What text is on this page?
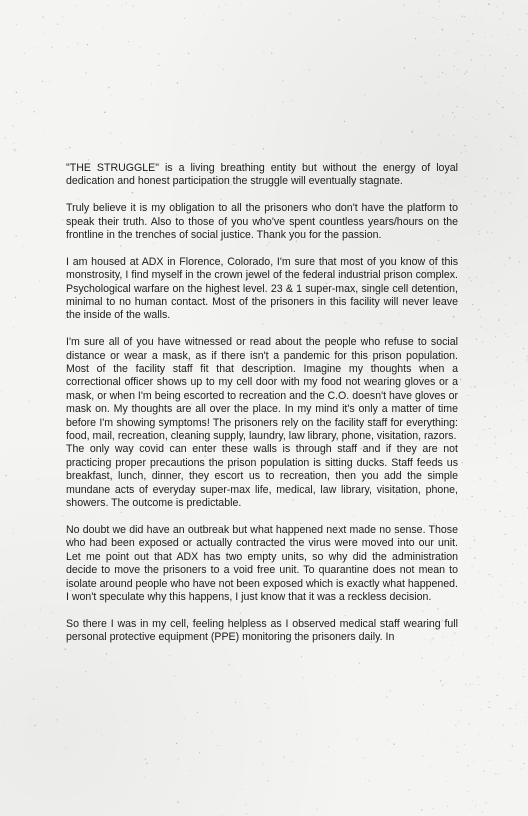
"THE STRUGGLE" is a living breathing entity but without the energy of loyal dedication and honest participation the struggle will eventually stagnate.

Truly believe it is my obligation to all the prisoners who don't have the platform to speak their truth. Also to those of you who've spent countless years/hours on the frontline in the trenches of social justice. Thank you for the passion.

I am housed at ADX in Florence, Colorado, I'm sure that most of you know of this monstrosity, I find myself in the crown jewel of the federal industrial prison complex. Psychological warfare on the highest level. 23 & 1 super-max, single cell detention, minimal to no human contact. Most of the prisoners in this facility will never leave the inside of the walls.

I'm sure all of you have witnessed or read about the people who refuse to social distance or wear a mask, as if there isn't a pandemic for this prison population. Most of the facility staff fit that description. Imagine my thoughts when a correctional officer shows up to my cell door with my food not wearing gloves or a mask, or when I'm being escorted to recreation and the C.O. doesn't have gloves or mask on. My thoughts are all over the place. In my mind it's only a matter of time before I'm showing symptoms! The prisoners rely on the facility staff for everything: food, mail, recreation, cleaning supply, laundry, law library, phone, visitation, razors.

The only way covid can enter these walls is through staff and if they are not practicing proper precautions the prison population is sitting ducks. Staff feeds us breakfast, lunch, dinner, they escort us to recreation, then you add the simple mundane acts of everyday super-max life, medical, law library, visitation, phone, showers. The outcome is predictable.

No doubt we did have an outbreak but what happened next made no sense. Those who had been exposed or actually contracted the virus were moved into our unit. Let me point out that ADX has two empty units, so why did the administration decide to move the prisoners to a void free unit. To quarantine does not mean to isolate around people who have not been exposed which is exactly what happened. I won't speculate why this happens, I just know that it was a reckless decision.

So there I was in my cell, feeling helpless as I observed medical staff wearing full personal protective equipment (PPE) monitoring the prisoners daily. In
